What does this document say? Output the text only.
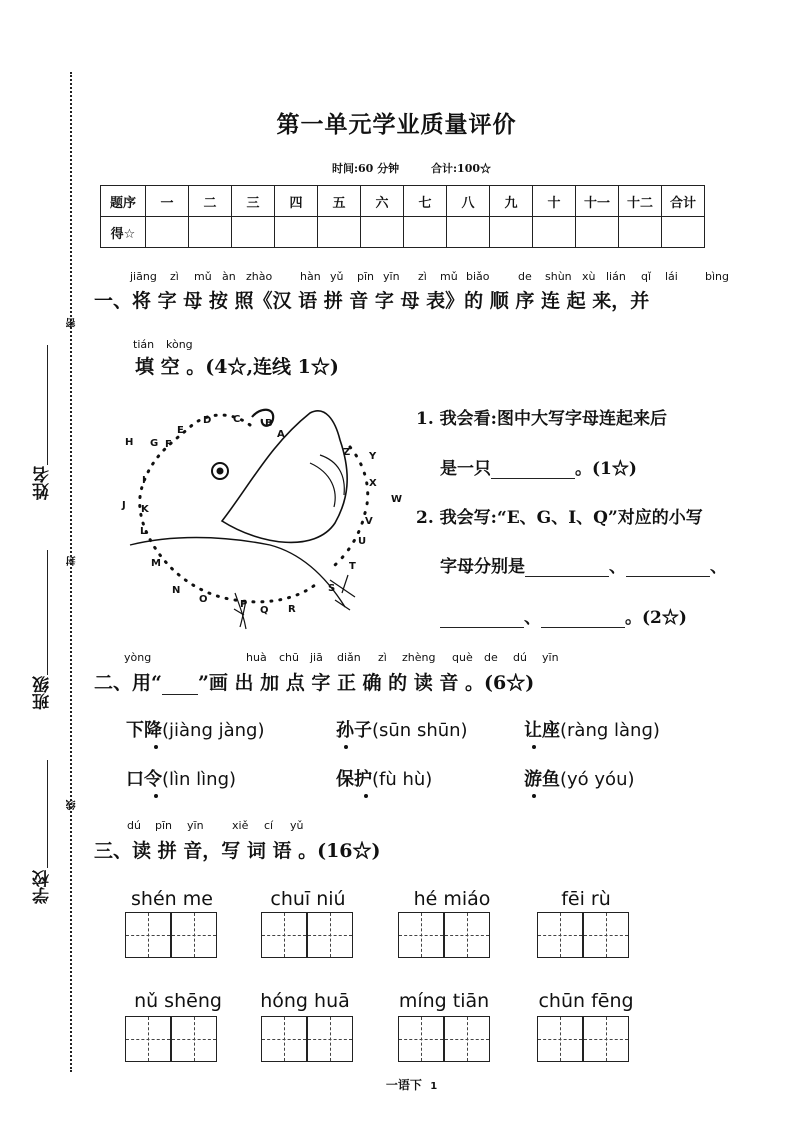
密
封
线
姓名
班级
学校
第一单元学业质量评价
时间:60 分钟	合计:100☆
题序	一	二	三	四	五	六	七	八	九	十	十一	十二	合计
得☆													
jiāng zì mǔ àn zhào	hàn yǔ pīn yīn zì mǔ biǎo	de shùn xù lián qǐ lái bìng
一、将 字 母 按 照《汉 语 拼 音 字 母 表》的 顺 序 连 起 来，并
tián kòng
填 空 。(4☆,连线 1☆)
A
B
C
D
E
F
G
H
I
J K
L
M
N
O	P
Q R
S
T
U
V
W
X
Y
Z
1. 我会看:图中大写字母连起来后
是一只	。(1☆)
2. 我会写:“E、G、I、Q”对应的小写
字母分别是	、	、
、	。(2☆)
yòng	huà chū jiā diǎn zì zhèng què de dú yīn
二、用“ ”画 出 加 点 字 正 确 的 读 音 。(6☆)
下降(jiàng jàng)	孙子(sūn shūn)	让座(ràng lànɡ)
口令(lìn lìng)	保护(fù hù)	游鱼(yó yóu)
dú pīn yīn	xiě cí yǔ
三、读 拼 音，写 词 语 。(16☆)
shén me	chuī niú	hé miáo	fēi rù
nǔ shēng	hóng huā	míng tiān	chūn fēng
一语下 1
